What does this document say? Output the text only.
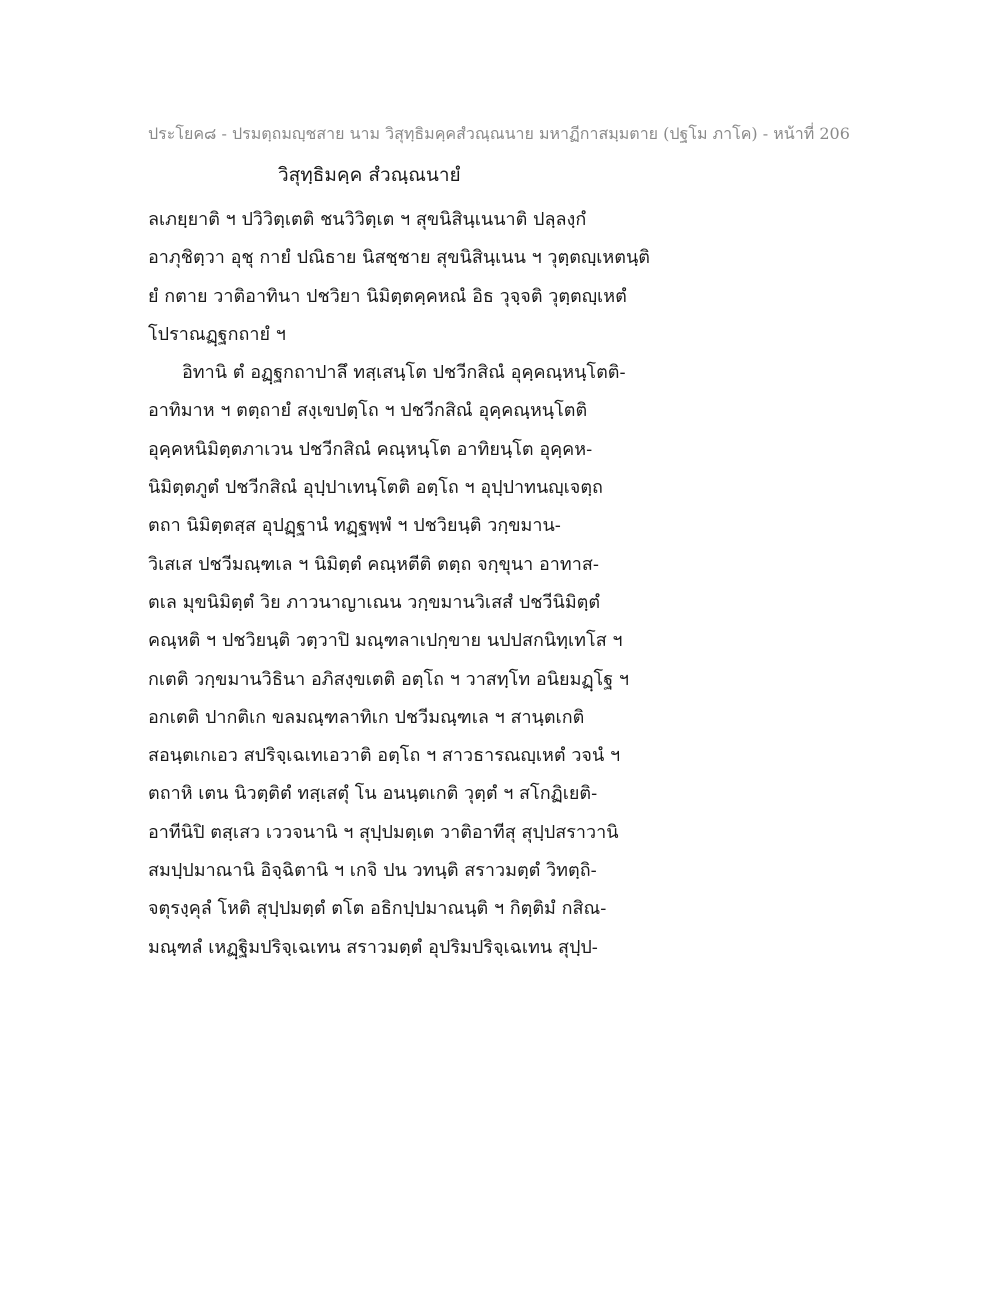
ประโยค๘ - ปรมตฺถมญฺชสาย นาม วิสุทฺธิมคฺคสํวณฺณนาย มหาฏีกาสมฺมตาย (ปฐโม ภาโค) - หน้าที่ 206
วิสุทฺธิมคฺค สํวณฺณนายํ
ลเภยฺยาติ ฯ ปวิวิตฺเตติ ชนวิวิตฺเต ฯ สุขนิสินฺเนนาติ ปลฺลงฺกํ
อาภุชิตฺวา อุชุ กายํ ปณิธาย นิสชฺชาย สุขนิสินฺเนน ฯ วุตฺตญฺเหตนฺติ
ยํ กตาย วาติอาทินา ปชวิยา นิมิตฺตคฺคหณํ อิธ วุจฺจติ วุตฺตญฺเหตํ
โปราณฏฺฐกถายํ ฯ
อิทานิ ตํ อฏฺฐกถาปาลึ ทสฺเสนฺโต ปชวีกสิณํ อุคฺคณฺหนฺโตติ-
อาทิมาห ฯ ตตฺถายํ สงฺเขปตฺโถ ฯ ปชวีกสิณํ อุคฺคณฺหนฺโตติ
อุคฺคหนิมิตฺตภาเวน ปชวีกสิณํ คณฺหนฺโต อาทิยนฺโต อุคฺคห-
นิมิตฺตภูตํ ปชวีกสิณํ อุปฺปาเทนฺโตติ อตฺโถ ฯ อุปฺปาทนญฺเจตฺถ
ตถา นิมิตฺตสฺส อุปฏฺฐานํ ทฏฺฐพฺพํ ฯ ปชวิยนฺติ วกฺขมาน-
วิเสเส ปชวีมณฺฑเล ฯ นิมิตฺตํ คณฺหตีติ ตตฺถ จกฺขุนา อาทาส-
ตเล มุขนิมิตฺตํ วิย ภาวนาญาเณน วกฺขมานวิเสสํ ปชวีนิมิตฺตํ
คณฺหติ ฯ ปชวิยนฺติ วตฺวาปิ มณฺฑลาเปกฺขาย นปปสกนิทฺเทโส ฯ
กเตติ วกฺขมานวิธินา อภิสงฺขเตติ อตฺโถ ฯ วาสทฺโท อนิยมฏฺโฐ ฯ
อกเตติ ปากติเก ขลมณฺฑลาทิเก ปชวีมณฺฑเล ฯ สานฺตเกติ
สอนฺตเกเอว สปริจฺเฉเทเอวาติ อตฺโถ ฯ สาวธารณญฺเหตํ วจนํ ฯ
ตถาหิ เตน นิวตฺติตํ ทสฺเสตุํ โน อนนฺตเกติ วุตฺตํ ฯ สโกฏิเยติ-
อาทีนิปิ ตสฺเสว เววจนานิ ฯ สุปฺปมตฺเต วาติอาทีสุ สุปฺปสราวานิ
สมปฺปมาณานิ อิจฺฉิตานิ ฯ เกจิ ปน วทนฺติ สราวมตฺตํ วิทตฺถิ-
จตุรงฺคุลํ โหติ สุปฺปมตฺตํ ตโต อธิกปฺปมาณนฺติ ฯ กิตฺติมํ กสิณ-
มณฺฑลํ เหฏฺฐิมปริจฺเฉเทน สราวมตฺตํ อุปริมปริจฺเฉเทน สุปฺป-
